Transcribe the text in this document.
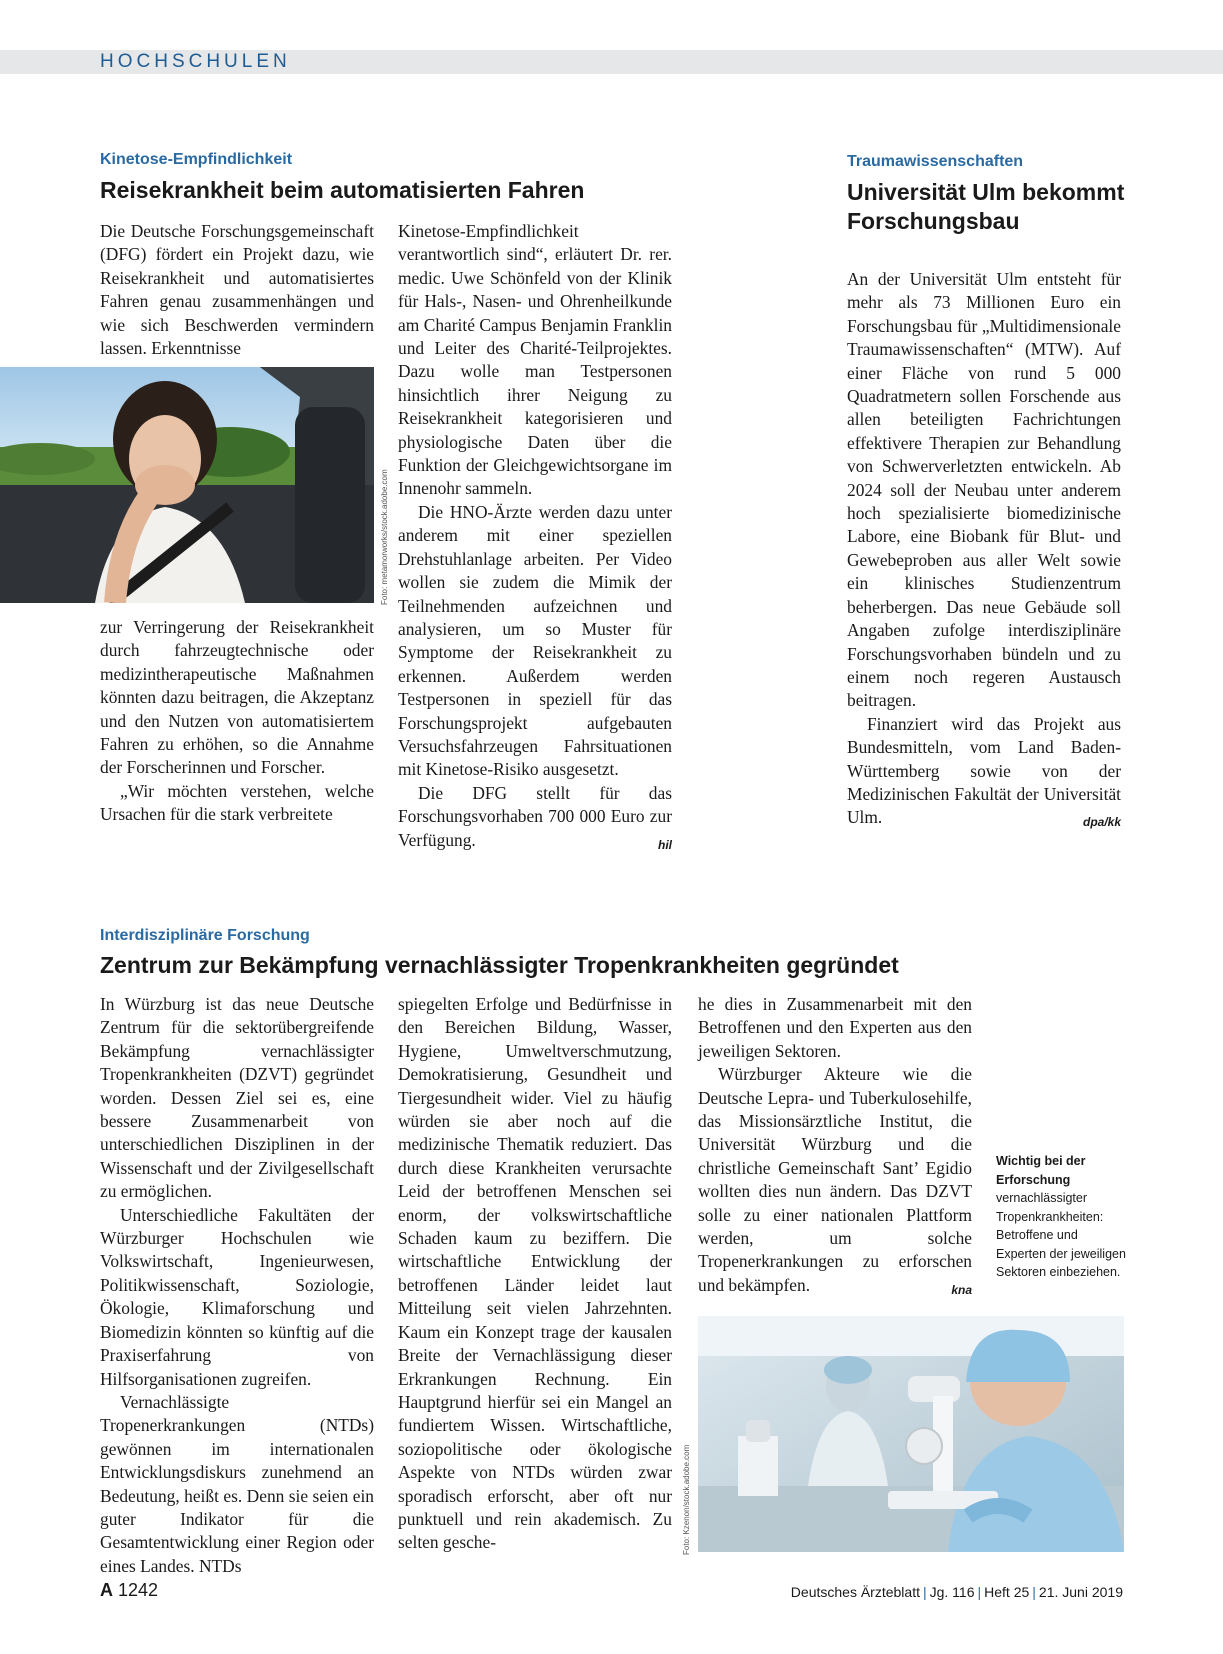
HOCHSCHULEN
Kinetose-Empfindlichkeit
Reisekrankheit beim automatisierten Fahren

Die Deutsche Forschungsgemeinschaft (DFG) fördert ein Projekt dazu, wie Reisekrankheit und automatisiertes Fahren genau zusammenhängen und wie sich Beschwerden vermindern lassen. Erkenntnisse

Foto: metamorworks/stock.adobe.com

zur Verringerung der Reisekrankheit durch fahrzeugtechnische oder medizintherapeutische Maßnahmen könnten dazu beitragen, die Akzeptanz und den Nutzen von automatisiertem Fahren zu erhöhen, so die Annahme der Forscherinnen und Forscher.

„Wir möchten verstehen, welche Ursachen für die stark verbreitete

Kinetose-Empfindlichkeit verantwortlich sind“, erläutert Dr. rer. medic. Uwe Schönfeld von der Klinik für Hals-, Nasen- und Ohrenheilkunde am Charité Campus Benjamin Franklin und Leiter des Charité-Teilprojektes. Dazu wolle man Testpersonen hinsichtlich ihrer Neigung zu Reisekrankheit kategorisieren und physiologische Daten über die Funktion der Gleichgewichtsorgane im Innenohr sammeln.

Die HNO-Ärzte werden dazu unter anderem mit einer speziellen Drehstuhlanlage arbeiten. Per Video wollen sie zudem die Mimik der Teilnehmenden aufzeichnen und analysieren, um so Muster für Symptome der Reisekrankheit zu erkennen. Außerdem werden Testpersonen in speziell für das Forschungsprojekt aufgebauten Versuchsfahrzeugen Fahrsituationen mit Kinetose-Risiko ausgesetzt.

Die DFG stellt für das Forschungsvorhaben 700 000 Euro zur Verfügung.	hil

Traumawissenschaften
Universität Ulm bekommt Forschungsbau

An der Universität Ulm entsteht für mehr als 73 Millionen Euro ein Forschungsbau für „Multidimensionale Traumawissenschaften“ (MTW). Auf einer Fläche von rund 5 000 Quadratmetern sollen Forschende aus allen beteiligten Fachrichtungen effektivere Therapien zur Behandlung von Schwerverletzten entwickeln. Ab 2024 soll der Neubau unter anderem hoch spezialisierte biomedizinische Labore, eine Biobank für Blut- und Gewebeproben aus aller Welt sowie ein klinisches Studienzentrum beherbergen. Das neue Gebäude soll Angaben zufolge interdisziplinäre Forschungsvorhaben bündeln und zu einem noch regeren Austausch beitragen.

Finanziert wird das Projekt aus Bundesmitteln, vom Land Baden-Württemberg sowie von der Medizinischen Fakultät der Universität Ulm.	dpa/kk

Interdisziplinäre Forschung
Zentrum zur Bekämpfung vernachlässigter Tropenkrankheiten gegründet

In Würzburg ist das neue Deutsche Zentrum für die sektorübergreifende Bekämpfung vernachlässigter Tropenkrankheiten (DZVT) gegründet worden. Dessen Ziel sei es, eine bessere Zusammenarbeit von unterschiedlichen Disziplinen in der Wissenschaft und der Zivilgesellschaft zu ermöglichen.

Unterschiedliche Fakultäten der Würzburger Hochschulen wie Volkswirtschaft, Ingenieurwesen, Politikwissenschaft, Soziologie, Ökologie, Klimaforschung und Biomedizin könnten so künftig auf die Praxiserfahrung von Hilfsorganisationen zugreifen.

Vernachlässigte Tropenerkrankungen (NTDs) gewönnen im internationalen Entwicklungsdiskurs zunehmend an Bedeutung, heißt es. Denn sie seien ein guter Indikator für die Gesamtentwicklung einer Region oder eines Landes. NTDs

spiegelten Erfolge und Bedürfnisse in den Bereichen Bildung, Wasser, Hygiene, Umweltverschmutzung, Demokratisierung, Gesundheit und Tiergesundheit wider. Viel zu häufig würden sie aber noch auf die medizinische Thematik reduziert. Das durch diese Krankheiten verursachte Leid der betroffenen Menschen sei enorm, der volkswirtschaftliche Schaden kaum zu beziffern. Die wirtschaftliche Entwicklung der betroffenen Länder leidet laut Mitteilung seit vielen Jahrzehnten. Kaum ein Konzept trage der kausalen Breite der Vernachlässigung dieser Erkrankungen Rechnung. Ein Hauptgrund hierfür sei ein Mangel an fundiertem Wissen. Wirtschaftliche, soziopolitische oder ökologische Aspekte von NTDs würden zwar sporadisch erforscht, aber oft nur punktuell und rein akademisch. Zu selten gesche-

he dies in Zusammenarbeit mit den Betroffenen und den Experten aus den jeweiligen Sektoren.

Würzburger Akteure wie die Deutsche Lepra- und Tuberkulosehilfe, das Missionsärztliche Institut, die Universität Würzburg und die christliche Gemeinschaft Sant’ Egidio wollten dies nun ändern. Das DZVT solle zu einer nationalen Plattform werden, um solche Tropenerkrankungen zu erforschen und bekämpfen.	kna

Wichtig bei der Erforschung vernachlässigter Tropenkrankheiten: Betroffene und Experten der jeweiligen Sektoren einbeziehen.
Foto: Kzenon/stock.adobe.com
A 1242	Deutsches Ärzteblatt | Jg. 116 | Heft 25 | 21. Juni 2019
